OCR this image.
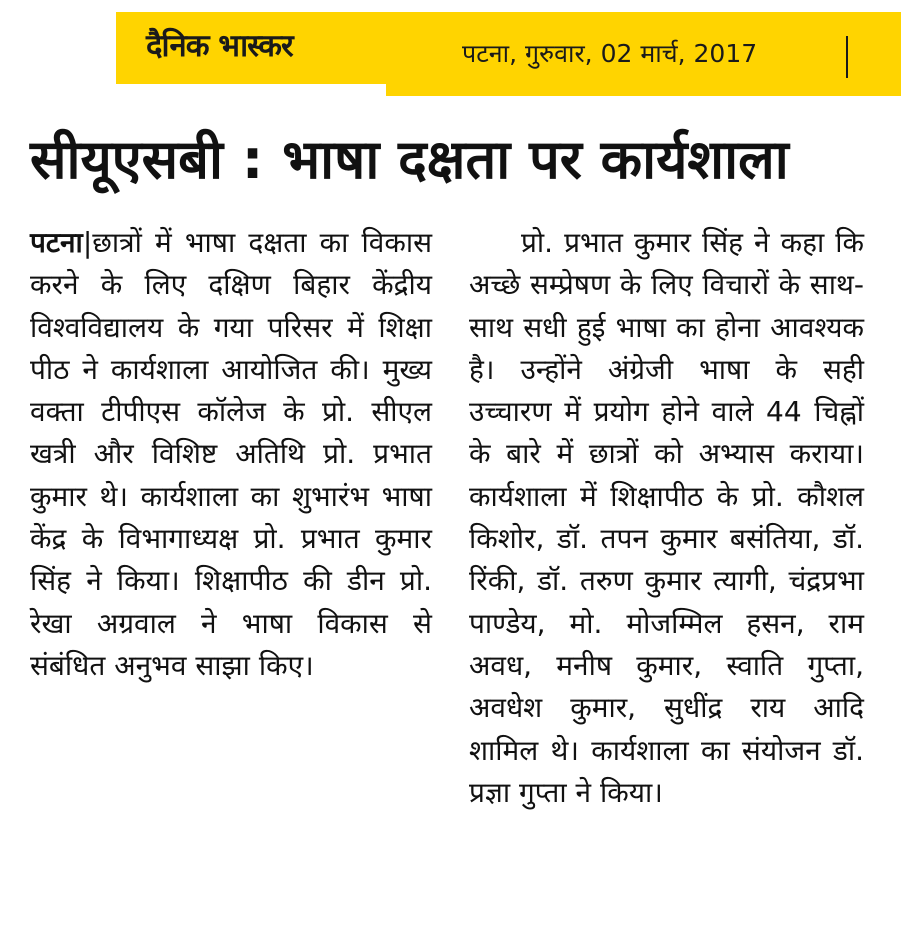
दैनिक भास्कर	पटना, गुरुवार, 02 मार्च, 2017
सीयूएसबी : भाषा दक्षता पर कार्यशाला

पटना|छात्रों में भाषा दक्षता का विकास करने के लिए दक्षिण बिहार केंद्रीय विश्वविद्यालय के गया परिसर में शिक्षा पीठ ने कार्यशाला आयोजित की। मुख्य वक्ता टीपीएस कॉलेज के प्रो. सीएल खत्री और विशिष्ट अतिथि प्रो. प्रभात कुमार थे। कार्यशाला का शुभारंभ भाषा केंद्र के विभागाध्यक्ष प्रो. प्रभात कुमार सिंह ने किया। शिक्षापीठ की डीन प्रो. रेखा अग्रवाल ने भाषा विकास से संबंधित अनुभव साझा किए।

प्रो. प्रभात कुमार सिंह ने कहा कि अच्छे सम्प्रेषण के लिए विचारों के साथ-साथ सधी हुई भाषा का होना आवश्यक है। उन्होंने अंग्रेजी भाषा के सही उच्चारण में प्रयोग होने वाले 44 चिह्नों के बारे में छात्रों को अभ्यास कराया। कार्यशाला में शिक्षापीठ के प्रो. कौशल किशोर, डॉ. तपन कुमार बसंतिया, डॉ. रिंकी, डॉ. तरुण कुमार त्यागी, चंद्रप्रभा पाण्डेय, मो. मोजम्मिल हसन, राम अवध, मनीष कुमार, स्वाति गुप्ता, अवधेश कुमार, सुधींद्र राय आदि शामिल थे। कार्यशाला का संयोजन डॉ. प्रज्ञा गुप्ता ने किया।
